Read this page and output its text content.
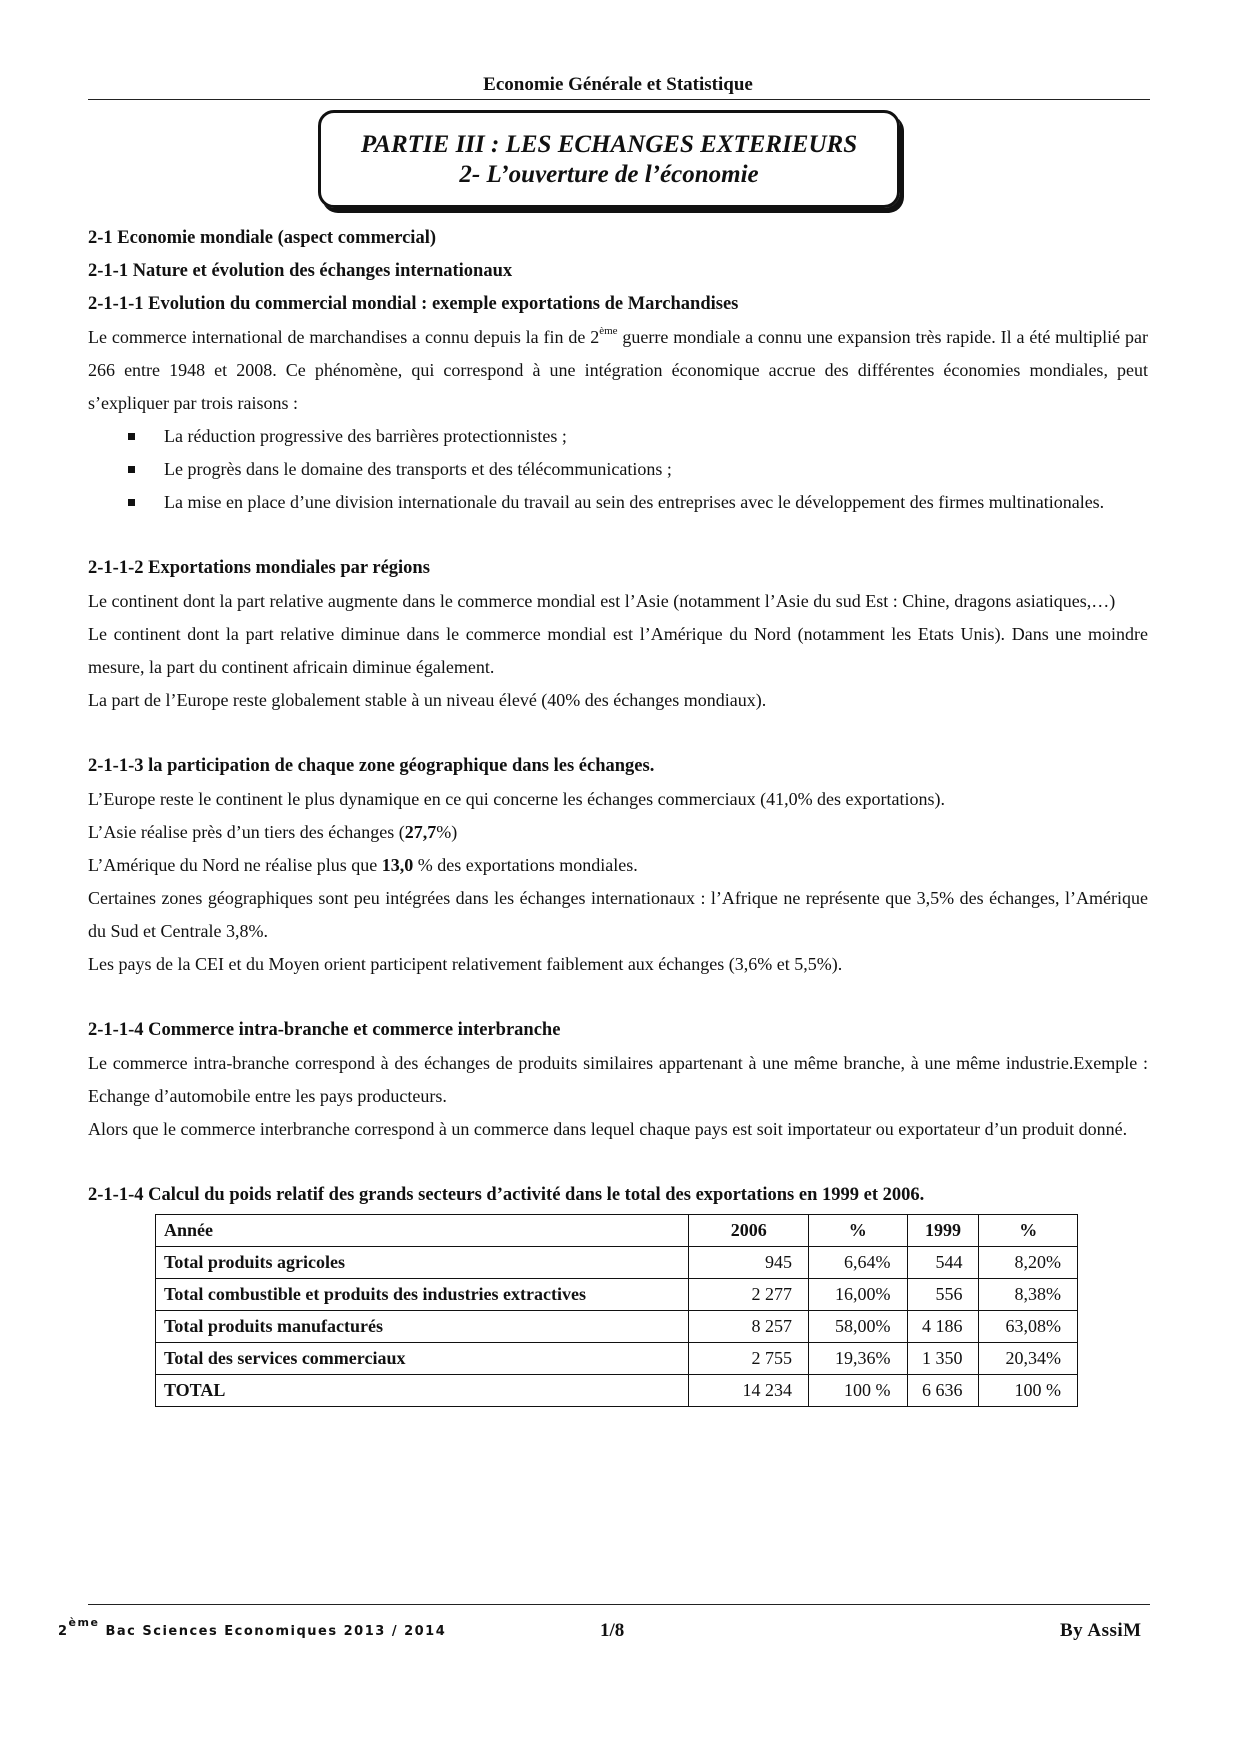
Economie Générale et Statistique
PARTIE III : LES ECHANGES EXTERIEURS
2- L’ouverture de l’économie
2-1 Economie mondiale (aspect commercial)
2-1-1 Nature et évolution des échanges internationaux
2-1-1-1 Evolution du commercial mondial : exemple exportations de Marchandises

Le commerce international de marchandises a connu depuis la fin de 2ème guerre mondiale a connu une expansion très rapide. Il a été multiplié par 266 entre 1948 et 2008. Ce phénomène, qui correspond à une intégration économique accrue des différentes économies mondiales, peut s’expliquer par trois raisons :

La réduction progressive des barrières protectionnistes ;
Le progrès dans le domaine des transports et des télécommunications ;
La mise en place d’une division internationale du travail au sein des entreprises avec le développement des firmes multinationales.
2-1-1-2 Exportations mondiales par régions

Le continent dont la part relative augmente dans le commerce mondial est l’Asie (notamment l’Asie du sud Est : Chine, dragons asiatiques,…)

Le continent dont la part relative diminue dans le commerce mondial est l’Amérique du Nord (notamment les Etats Unis). Dans une moindre mesure, la part du continent africain diminue également.

La part de l’Europe reste globalement stable à un niveau élevé (40% des échanges mondiaux).

2-1-1-3 la participation de chaque zone géographique dans les échanges.

L’Europe reste le continent le plus dynamique en ce qui concerne les échanges commerciaux (41,0% des exportations).

L’Asie réalise près d’un tiers des échanges (27,7%)

L’Amérique du Nord ne réalise plus que 13,0 % des exportations mondiales.

Certaines zones géographiques sont peu intégrées dans les échanges internationaux : l’Afrique ne représente que 3,5% des échanges, l’Amérique du Sud et Centrale 3,8%.

Les pays de la CEI et du Moyen orient participent relativement faiblement aux échanges (3,6% et 5,5%).

2-1-1-4 Commerce intra-branche et commerce interbranche

Le commerce intra-branche correspond à des échanges de produits similaires appartenant à une même branche, à une même industrie.Exemple : Echange d’automobile entre les pays producteurs.

Alors que le commerce interbranche correspond à un commerce dans lequel chaque pays est soit importateur ou exportateur d’un produit donné.

2-1-1-4 Calcul du poids relatif des grands secteurs d’activité dans le total des exportations en 1999 et 2006.
Année	2006	%	1999	%
Total produits agricoles	945	6,64%	544	8,20%
Total combustible et produits des industries extractives	2 277	16,00%	556	8,38%
Total produits manufacturés	8 257	58,00%	4 186	63,08%
Total des services commerciaux	2 755	19,36%	1 350	20,34%
TOTAL	14 234	100 %	6 636	100 %
2ème Bac Sciences Economiques 2013 / 2014	1/8	By AssiM
